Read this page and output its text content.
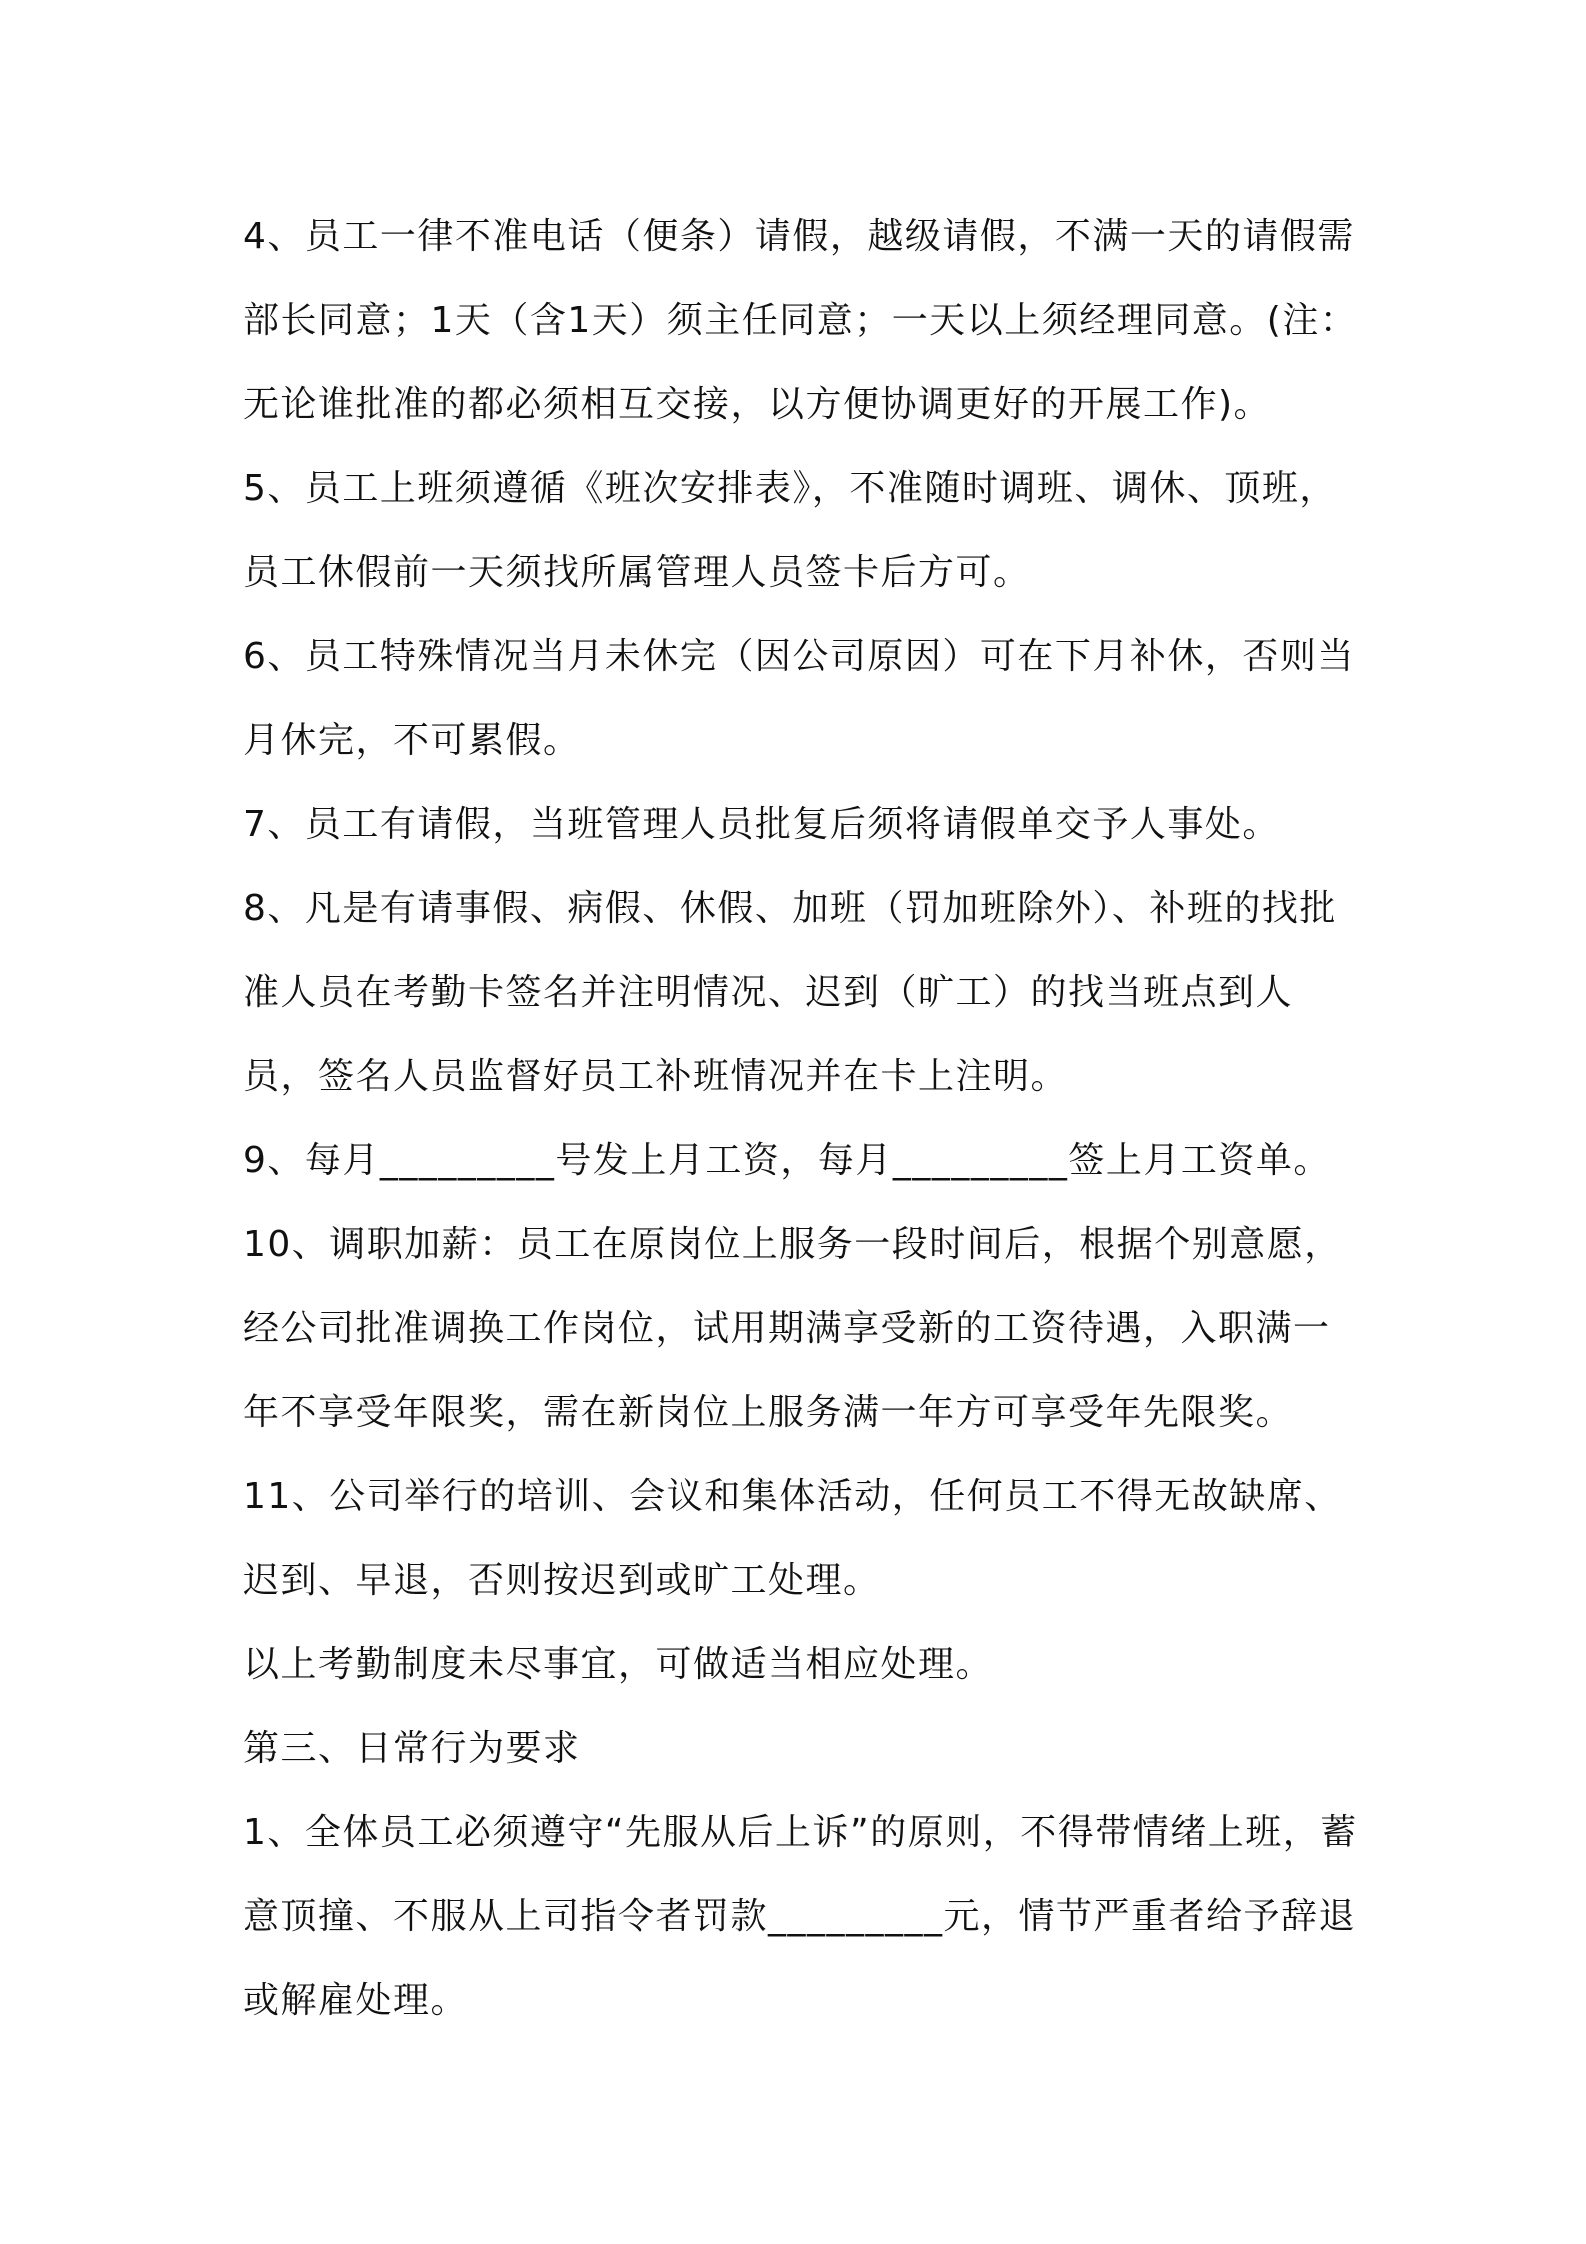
4、员工一律不准电话（便条）请假，越级请假，不满一天的请假需部长同意；1天（含1天）须主任同意；一天以上须经理同意。(注：无论谁批准的都必须相互交接，以方便协调更好的开展工作)。

5、员工上班须遵循《班次安排表》，不准随时调班、调休、顶班，员工休假前一天须找所属管理人员签卡后方可。

6、员工特殊情况当月未休完（因公司原因）可在下月补休，否则当月休完，不可累假。

7、员工有请假，当班管理人员批复后须将请假单交予人事处。

8、凡是有请事假、病假、休假、加班（罚加班除外）、补班的找批准人员在考勤卡签名并注明情况、迟到（旷工）的找当班点到人员，签名人员监督好员工补班情况并在卡上注明。

9、每月_________号发上月工资，每月_________签上月工资单。

10、调职加薪：员工在原岗位上服务一段时间后，根据个别意愿，经公司批准调换工作岗位，试用期满享受新的工资待遇，入职满一年不享受年限奖，需在新岗位上服务满一年方可享受年先限奖。

11、公司举行的培训、会议和集体活动，任何员工不得无故缺席、迟到、早退，否则按迟到或旷工处理。

以上考勤制度未尽事宜，可做适当相应处理。

第三、日常行为要求

1、全体员工必须遵守“先服从后上诉”的原则，不得带情绪上班，蓄意顶撞、不服从上司指令者罚款_________元，情节严重者给予辞退或解雇处理。
